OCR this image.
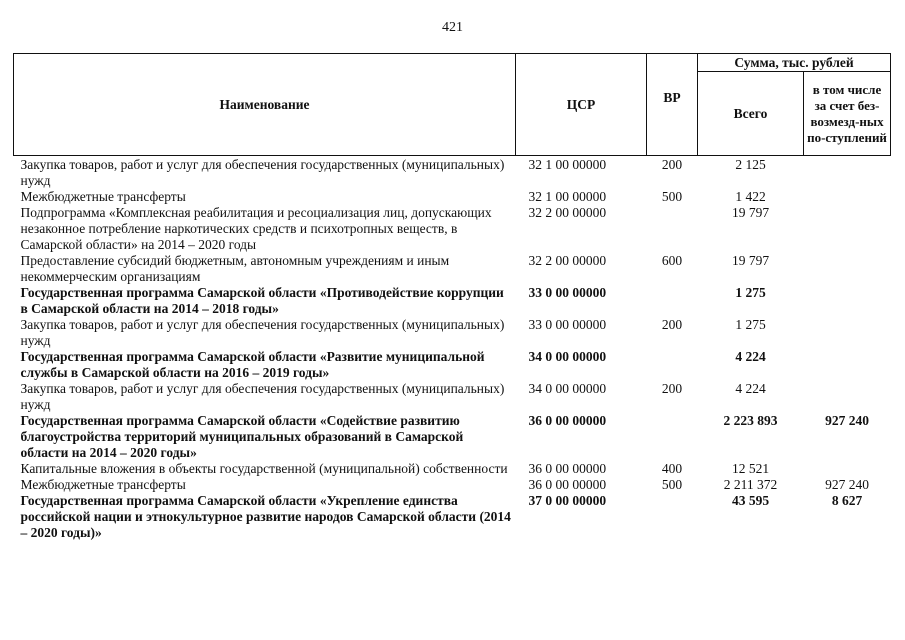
421
Наименование	ЦСР	ВР	Сумма, тыс. рублей	
			Всего	в том числе за счет без-возмезд-ных по-ступлений
Закупка товаров, работ и услуг для обеспечения государственных (муниципальных) нужд	32 1 00 00000	200	2 125	
Межбюджетные трансферты	32 1 00 00000	500	1 422	
Подпрограмма «Комплексная реабилитация и ресоциализация лиц, допускающих незаконное потребление наркотических средств и психотропных веществ, в Самарской области» на 2014 – 2020 годы	32 2 00 00000		19 797	
Предоставление субсидий бюджетным, автономным учреждениям и иным некоммерческим организациям	32 2 00 00000	600	19 797	
Государственная программа Самарской области «Противодействие коррупции в Самарской области на 2014 – 2018 годы»	33 0 00 00000		1 275	
Закупка товаров, работ и услуг для обеспечения государственных (муниципальных) нужд	33 0 00 00000	200	1 275	
Государственная программа Самарской области «Развитие муниципальной службы в Самарской области на 2016 – 2019 годы»	34 0 00 00000		4 224	
Закупка товаров, работ и услуг для обеспечения государственных (муниципальных) нужд	34 0 00 00000	200	4 224	
Государственная программа Самарской области «Содействие развитию благоустройства территорий муниципальных образований в Самарской области на 2014 – 2020 годы»	36 0 00 00000		2 223 893	927 240
Капитальные вложения в объекты государственной (муниципальной) собственности	36 0 00 00000	400	12 521	
Межбюджетные трансферты	36 0 00 00000	500	2 211 372	927 240
Государственная программа Самарской области «Укрепление единства российской нации и этнокультурное развитие народов Самарской области (2014 – 2020 годы)»	37 0 00 00000		43 595	8 627
